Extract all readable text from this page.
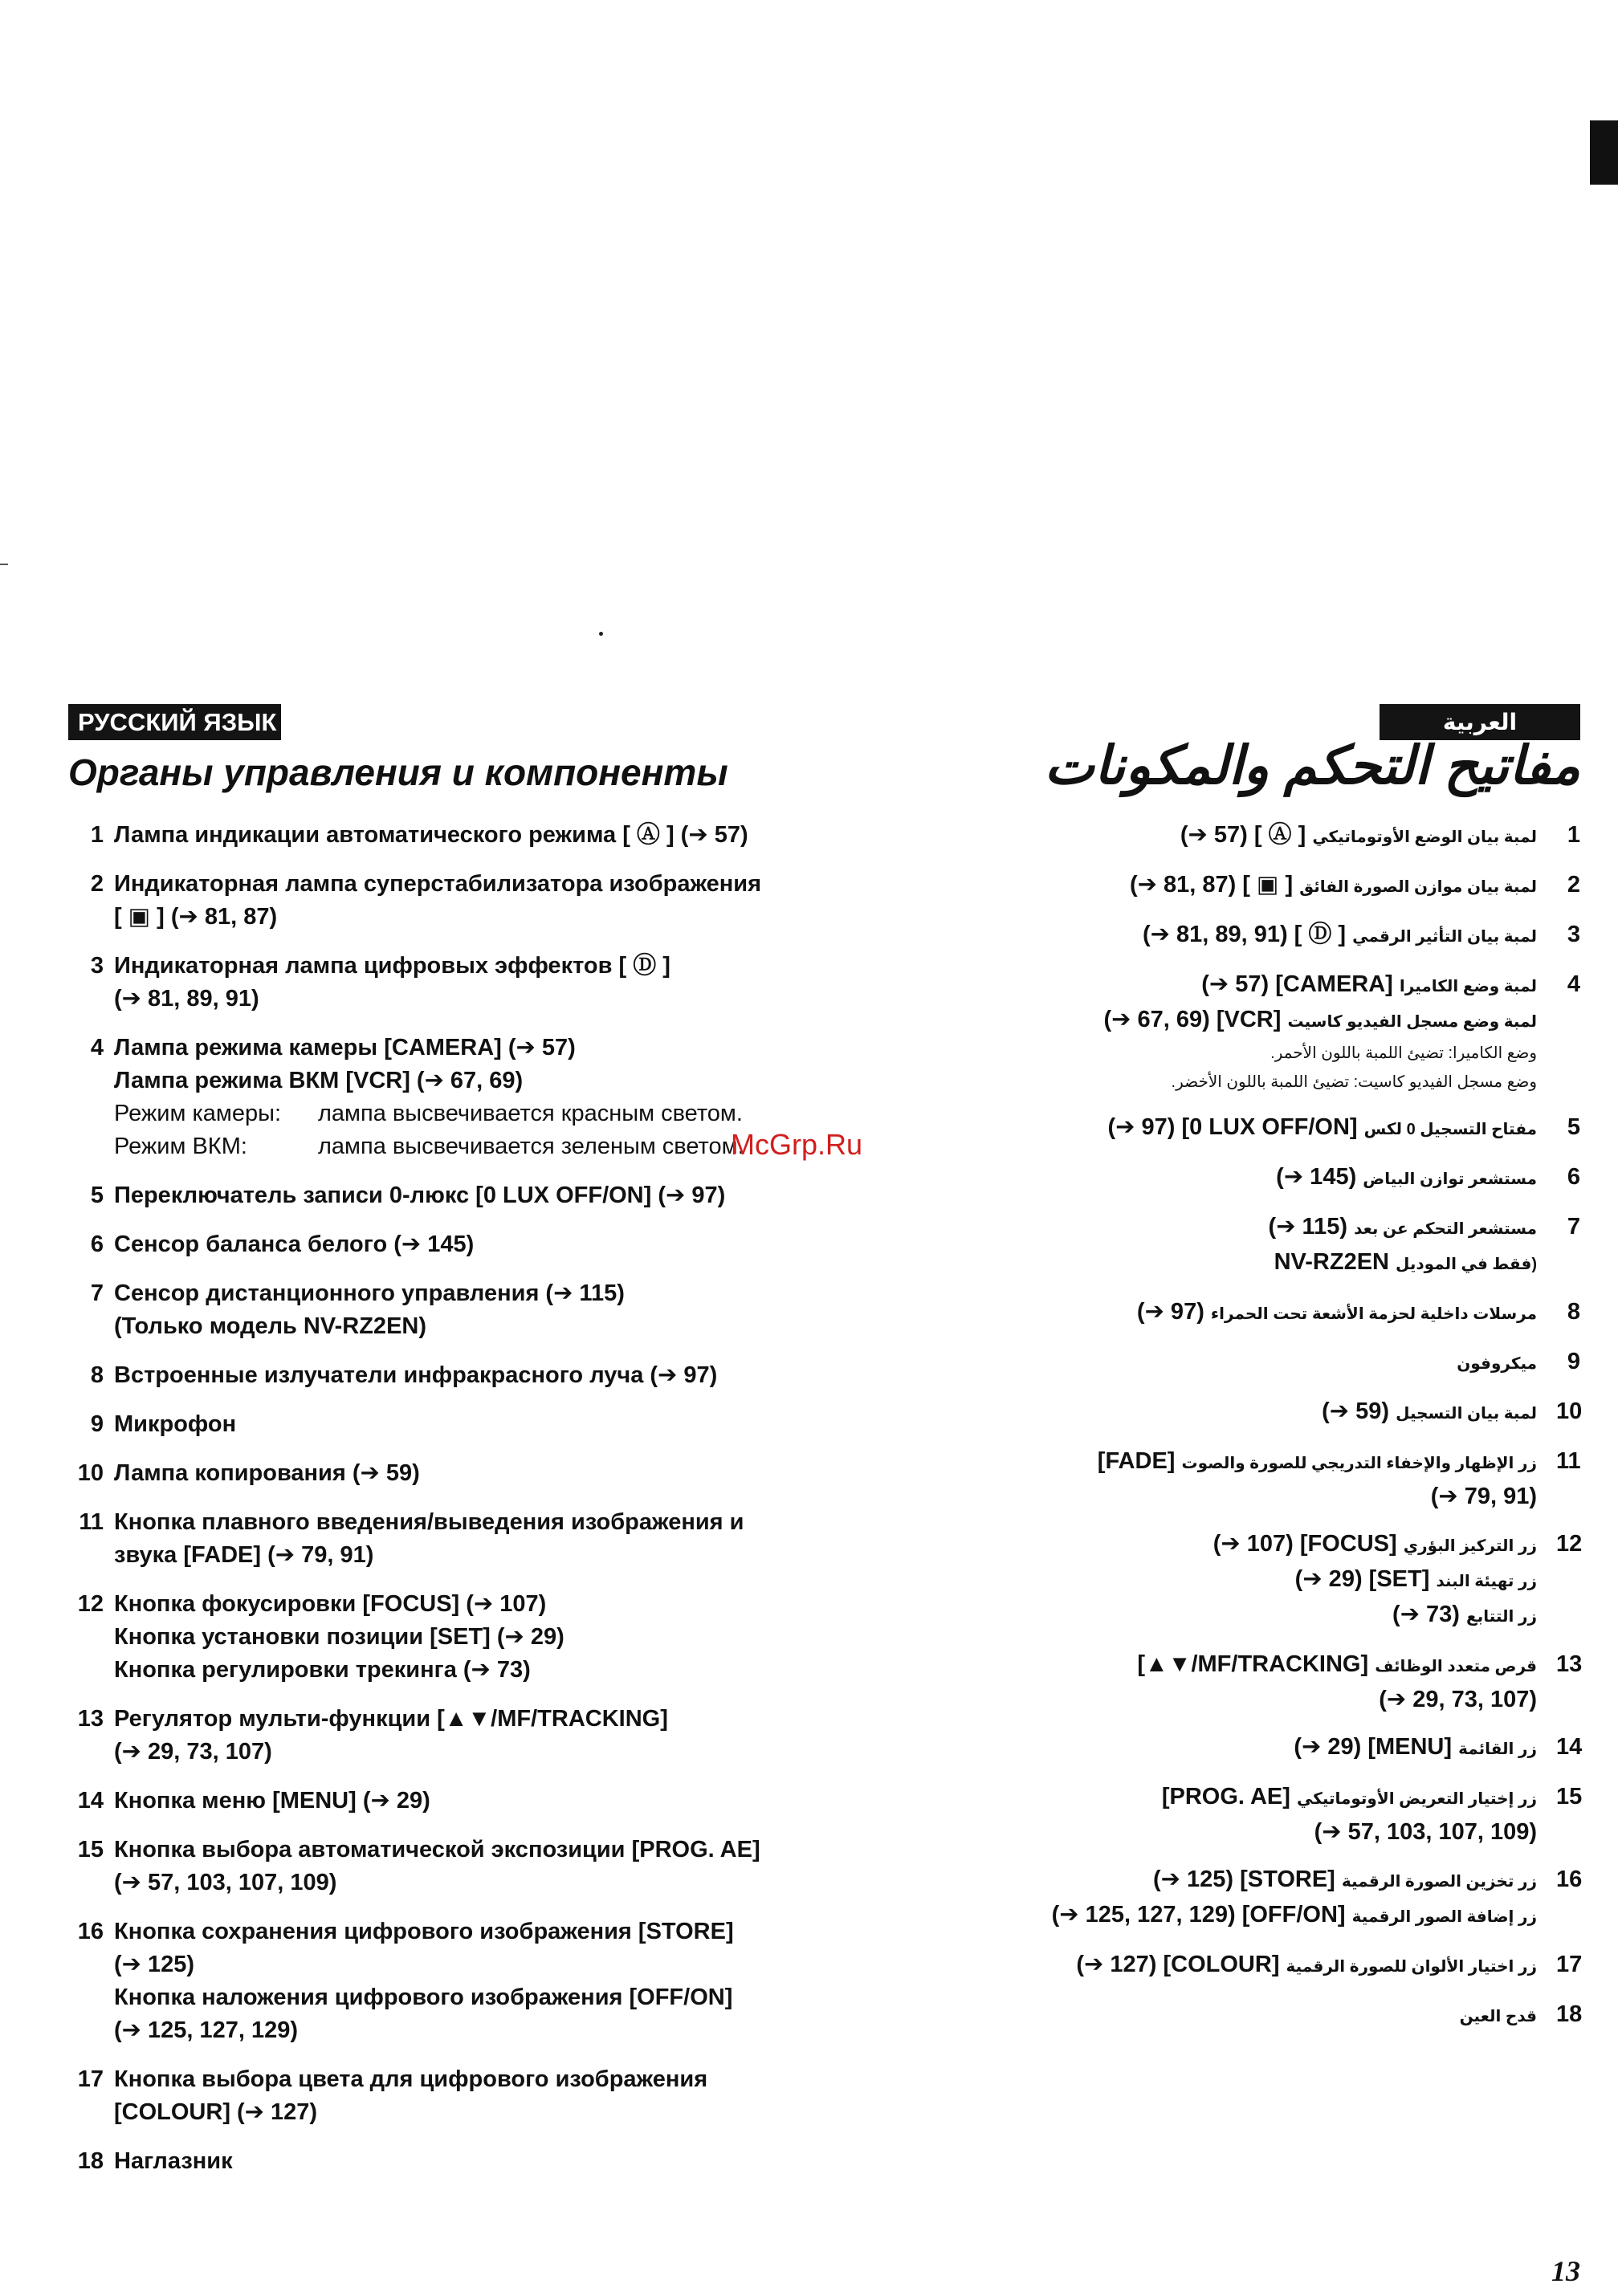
РУССКИЙ ЯЗЫК	العربية
Органы управления и компоненты	مفاتيح التحكم والمكونات
1 Лампа индикации автоматического режима [ Ⓐ ] (➔ 57)
2 Индикаторная лампа суперстабилизатора изображения
[ ▣ ] (➔ 81, 87)
3 Индикаторная лампа цифровых эффектов [ Ⓓ ]
(➔ 81, 89, 91)
4 Лампа режима камеры [CAMERA] (➔ 57)
Лампа режима ВКМ [VCR] (➔ 67, 69)
Режим камеры: лампа высвечивается красным светом.
Режим ВКМ:	лампа высвечивается зеленым светом.
5 Переключатель записи 0-люкс [0 LUX OFF/ON] (➔ 97)
6 Сенсор баланса белого (➔ 145)
7 Сенсор дистанционного управления (➔ 115)
(Только модель NV-RZ2EN)
8 Встроенные излучатели инфракрасного луча (➔ 97)
9 Микрофон
10 Лампа копирования (➔ 59)
11 Кнопка плавного введения/выведения изображения и
звука [FADE] (➔ 79, 91)
12 Кнопка фокусировки [FOCUS] (➔ 107)
Кнопка установки позиции [SET] (➔ 29)
Кнопка регулировки трекинга (➔ 73)
13 Регулятор мульти-функции [▲▼/MF/TRACKING]
(➔ 29, 73, 107)
14 Кнопка меню [MENU] (➔ 29)
15 Кнопка выбора автоматической экспозиции [PROG. AE]
(➔ 57, 103, 107, 109)
16 Кнопка сохранения цифрового изображения [STORE]
(➔ 125)
Кнопка наложения цифрового изображения [OFF/ON]
(➔ 125, 127, 129)
17 Кнопка выбора цвета для цифрового изображения
[COLOUR] (➔ 127)
18 Наглазник
1
(➔ 57) [ Ⓐ ] لمبة بيان الوضع الأوتوماتيكي
2
(➔ 81, 87) [ ▣ ] لمبة بيان موازن الصورة الفائق
3
(➔ 81, 89, 91) [ Ⓓ ] لمبة بيان التأثير الرقمي
4
(➔ 57) [CAMERA] لمبة وضع الكاميرا
(➔ 67, 69) [VCR] لمبة وضع مسجل الفيديو كاسيت
وضع الكاميرا: تضيئ اللمبة باللون الأحمر.
وضع مسجل الفيديو كاسيت: تضيئ اللمبة باللون الأخضر.
5
(➔ 97) [0 LUX OFF/ON] مفتاح التسجيل 0 لكس
6
(➔ 145) مستشعر توازن البياض
7
(➔ 115) مستشعر التحكم عن بعد
NV-RZ2EN (فقط في الموديل
8
(➔ 97) مرسلات داخلية لحزمة الأشعة تحت الحمراء
9
ميكروفون
10
(➔ 59) لمبة بيان التسجيل
11
[FADE] زر الإظهار والإخفاء التدريجي للصورة والصوت
(➔ 79, 91)
12
(➔ 107) [FOCUS] زر التركيز البؤري
(➔ 29) [SET] زر تهيئة البند
(➔ 73) زر التتابع
13
[▲▼/MF/TRACKING] قرص متعدد الوظائف
(➔ 29, 73, 107)
14
(➔ 29) [MENU] زر القائمة
15
[PROG. AE] زر إختيار التعريض الأوتوماتيكي
(➔ 57, 103, 107, 109)
16
(➔ 125) [STORE] زر تخزين الصورة الرقمية
(➔ 125, 127, 129) [OFF/ON] زر إضافة الصور الرقمية
17
(➔ 127) [COLOUR] زر اختيار الألوان للصورة الرقمية
18
قدح العين
McGrp.Ru
13
